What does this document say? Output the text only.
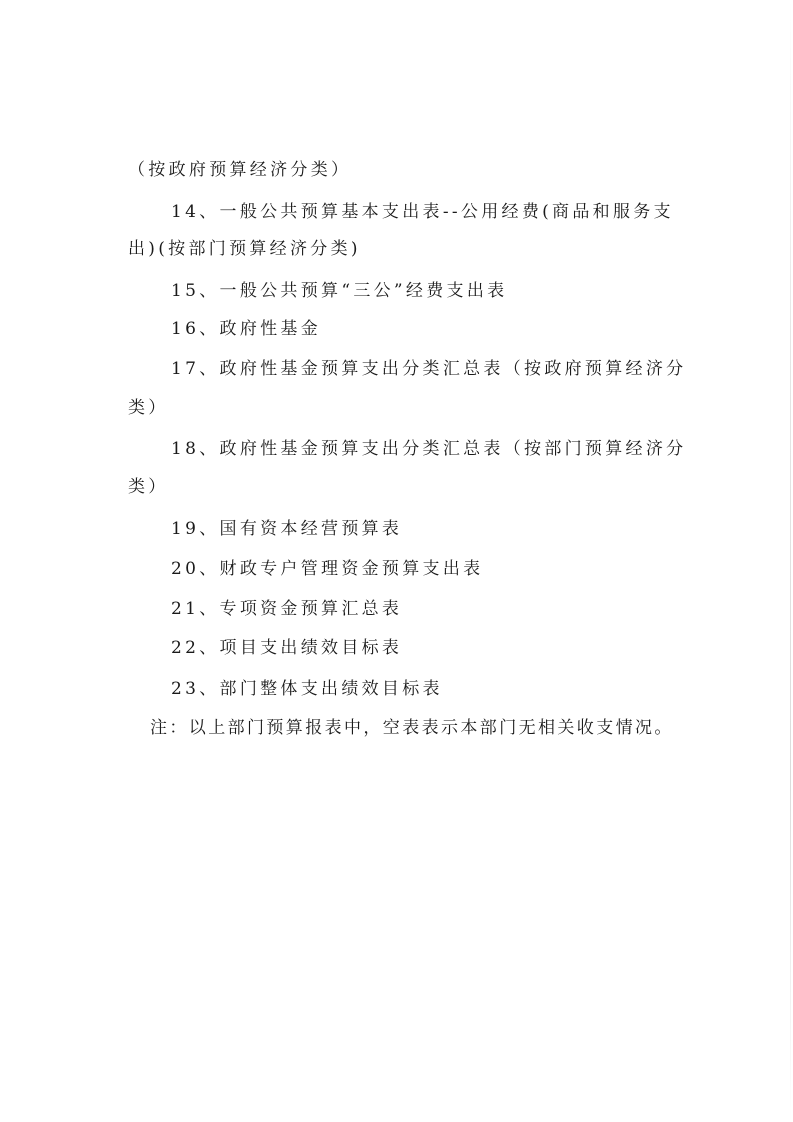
（按政府预算经济分类）
14、一般公共预算基本支出表--公用经费(商品和服务支
出)(按部门预算经济分类)
15、一般公共预算“三公”经费支出表
16、政府性基金
17、政府性基金预算支出分类汇总表（按政府预算经济分
类）
18、政府性基金预算支出分类汇总表（按部门预算经济分
类）
19、国有资本经营预算表
20、财政专户管理资金预算支出表
21、专项资金预算汇总表
22、项目支出绩效目标表
23、部门整体支出绩效目标表
注：以上部门预算报表中，空表表示本部门无相关收支情况。
